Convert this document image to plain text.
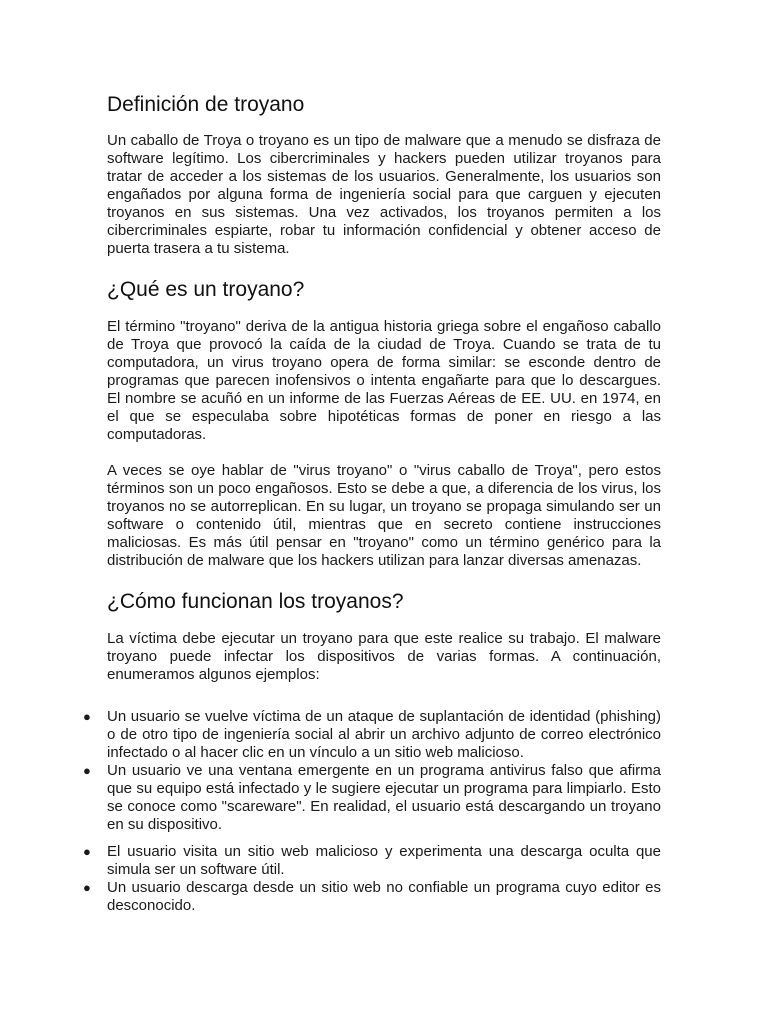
Definición de troyano

Un caballo de Troya o troyano es un tipo de malware que a menudo se disfraza de software legítimo. Los cibercriminales y hackers pueden utilizar troyanos para tratar de acceder a los sistemas de los usuarios. Generalmente, los usuarios son engañados por alguna forma de ingeniería social para que carguen y ejecuten troyanos en sus sistemas. Una vez activados, los troyanos permiten a los cibercriminales espiarte, robar tu información confidencial y obtener acceso de puerta trasera a tu sistema.

¿Qué es un troyano?

El término "troyano" deriva de la antigua historia griega sobre el engañoso caballo de Troya que provocó la caída de la ciudad de Troya. Cuando se trata de tu computadora, un virus troyano opera de forma similar: se esconde dentro de programas que parecen inofensivos o intenta engañarte para que lo descargues. El nombre se acuñó en un informe de las Fuerzas Aéreas de EE. UU. en 1974, en el que se especulaba sobre hipotéticas formas de poner en riesgo a las computadoras.

A veces se oye hablar de "virus troyano" o "virus caballo de Troya", pero estos términos son un poco engañosos. Esto se debe a que, a diferencia de los virus, los troyanos no se autorreplican. En su lugar, un troyano se propaga simulando ser un software o contenido útil, mientras que en secreto contiene instrucciones maliciosas. Es más útil pensar en "troyano" como un término genérico para la distribución de malware que los hackers utilizan para lanzar diversas amenazas.

¿Cómo funcionan los troyanos?

La víctima debe ejecutar un troyano para que este realice su trabajo. El malware troyano puede infectar los dispositivos de varias formas. A continuación, enumeramos algunos ejemplos:

● Un usuario se vuelve víctima de un ataque de suplantación de identidad (phishing) o de otro tipo de ingeniería social al abrir un archivo adjunto de correo electrónico infectado o al hacer clic en un vínculo a un sitio web malicioso.
● Un usuario ve una ventana emergente en un programa antivirus falso que afirma que su equipo está infectado y le sugiere ejecutar un programa para limpiarlo. Esto se conoce como "scareware". En realidad, el usuario está descargando un troyano en su dispositivo.
● El usuario visita un sitio web malicioso y experimenta una descarga oculta que simula ser un software útil.
● Un usuario descarga desde un sitio web no confiable un programa cuyo editor es desconocido.
